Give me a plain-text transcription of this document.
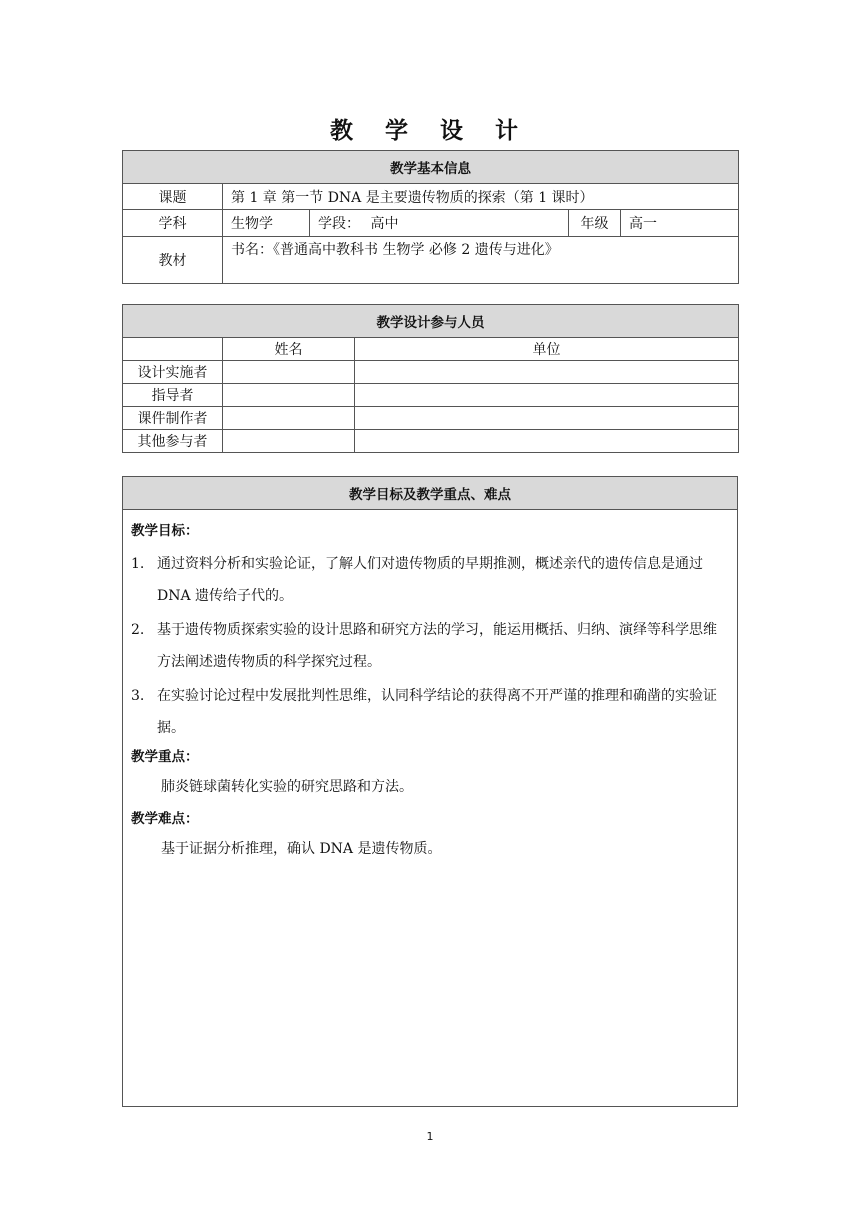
教 学 设 计
教学基本信息				
课题	第 1 章 第一节 DNA 是主要遗传物质的探索（第 1 课时）			
学科	生物学	学段： 高中	年级	高一
教材	书名：《普通高中教科书 生物学 必修 2 遗传与进化》			
教学设计参与人员		
	姓名	单位
设计实施者		
指导者		
课件制作者		
其他参与者		
教学目标及教学重点、难点

教学目标：
1. 通过资料分析和实验论证，了解人们对遗传物质的早期推测，概述亲代的遗传信息是通过 DNA 遗传给子代的。
2. 基于遗传物质探索实验的设计思路和研究方法的学习，能运用概括、归纳、演绎等科学思维方法阐述遗传物质的科学探究过程。
3. 在实验讨论过程中发展批判性思维，认同科学结论的获得离不开严谨的推理和确凿的实验证据。
教学重点：
肺炎链球菌转化实验的研究思路和方法。
教学难点：
基于证据分析推理，确认 DNA 是遗传物质。
1
